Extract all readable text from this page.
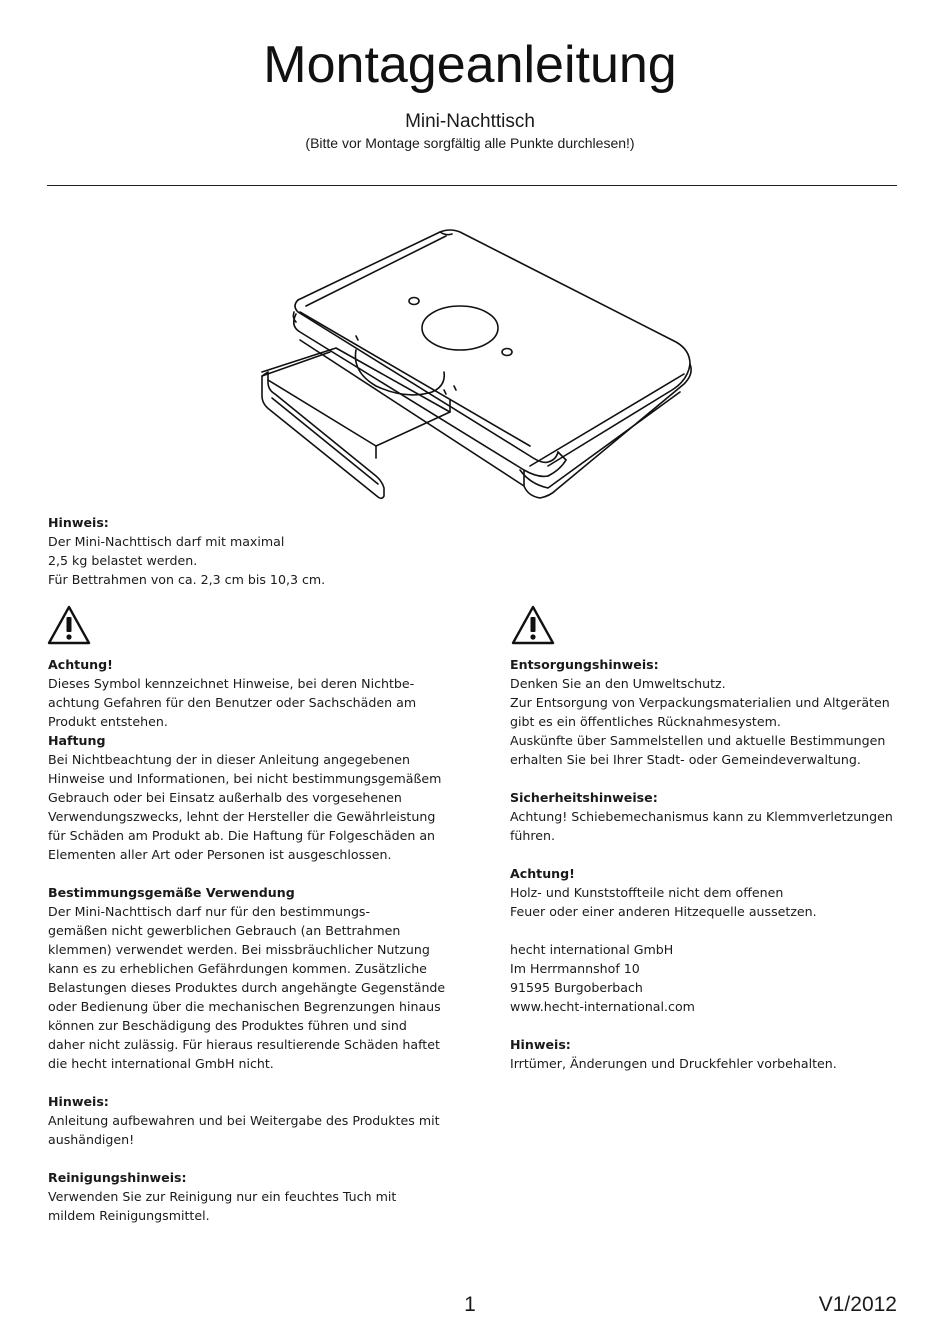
Montageanleitung
Mini-Nachttisch
(Bitte vor Montage sorgfältig alle Punkte durchlesen!)

Hinweis:

Der Mini-Nachttisch darf mit maximal

2,5 kg belastet werden.

Für Bettrahmen von ca. 2,3 cm bis 10,3 cm.

Achtung!

Dieses Symbol kennzeichnet Hinweise, bei deren Nichtbe-

achtung Gefahren für den Benutzer oder Sachschäden am

Produkt entstehen.

Haftung

Bei Nichtbeachtung der in dieser Anleitung angegebenen

Hinweise und Informationen, bei nicht bestimmungsgemäßem

Gebrauch oder bei Einsatz außerhalb des vorgesehenen

Verwendungszwecks, lehnt der Hersteller die Gewährleistung

für Schäden am Produkt ab. Die Haftung für Folgeschäden an

Elementen aller Art oder Personen ist ausgeschlossen.

Bestimmungsgemäße Verwendung

Der Mini-Nachttisch darf nur für den bestimmungs-

gemäßen nicht gewerblichen Gebrauch (an Bettrahmen

klemmen) verwendet werden. Bei missbräuchlicher Nutzung

kann es zu erheblichen Gefährdungen kommen. Zusätzliche

Belastungen dieses Produktes durch angehängte Gegenstände

oder Bedienung über die mechanischen Begrenzungen hinaus

können zur Beschädigung des Produktes führen und sind

daher nicht zulässig. Für hieraus resultierende Schäden haftet

die hecht international GmbH nicht.

Hinweis:

Anleitung aufbewahren und bei Weitergabe des Produktes mit

aushändigen!

Reinigungshinweis:

Verwenden Sie zur Reinigung nur ein feuchtes Tuch mit

mildem Reinigungsmittel.

Entsorgungshinweis:

Denken Sie an den Umweltschutz.

Zur Entsorgung von Verpackungsmaterialien und Altgeräten

gibt es ein öffentliches Rücknahmesystem.

Auskünfte über Sammelstellen und aktuelle Bestimmungen

erhalten Sie bei Ihrer Stadt- oder Gemeindeverwaltung.

Sicherheitshinweise:

Achtung! Schiebemechanismus kann zu Klemmverletzungen

führen.

Achtung!

Holz- und Kunststoffteile nicht dem offenen

Feuer oder einer anderen Hitzequelle aussetzen.

hecht international GmbH

Im Herrmannshof 10

91595 Burgoberbach

www.hecht-international.com

Hinweis:

Irrtümer, Änderungen und Druckfehler vorbehalten.

1	V1/2012
